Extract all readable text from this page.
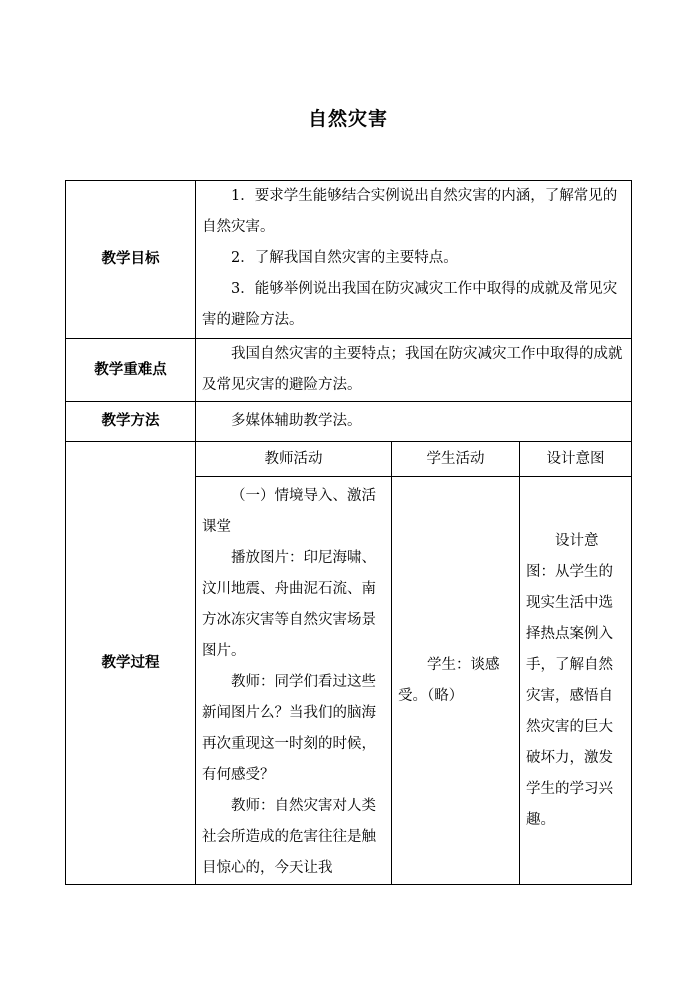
自然灾害
教学目标	1．要求学生能够结合实例说出自然灾害的内涵，了解常见的自然灾害。

2．了解我国自然灾害的主要特点。

3．能够举例说出我国在防灾减灾工作中取得的成就及常见灾害的避险方法。		

教学重难点	我国自然灾害的主要特点；我国在防灾减灾工作中取得的成就及常见灾害的避险方法。		

教学方法	多媒体辅助教学法。		

教学过程	教师活动	学生活动	设计意图

	（一）情境导入、激活课堂

播放图片：印尼海啸、汶川地震、舟曲泥石流、南方冰冻灾害等自然灾害场景图片。

教师：同学们看过这些新闻图片么？当我们的脑海再次重现这一时刻的时候，有何感受？

教师：自然灾害对人类社会所造成的危害往往是触目惊心的，今天让我	学生：谈感受。（略）	设计意图：从学生的现实生活中选择热点案例入手，了解自然灾害，感悟自然灾害的巨大破坏力，激发学生的学习兴趣。
